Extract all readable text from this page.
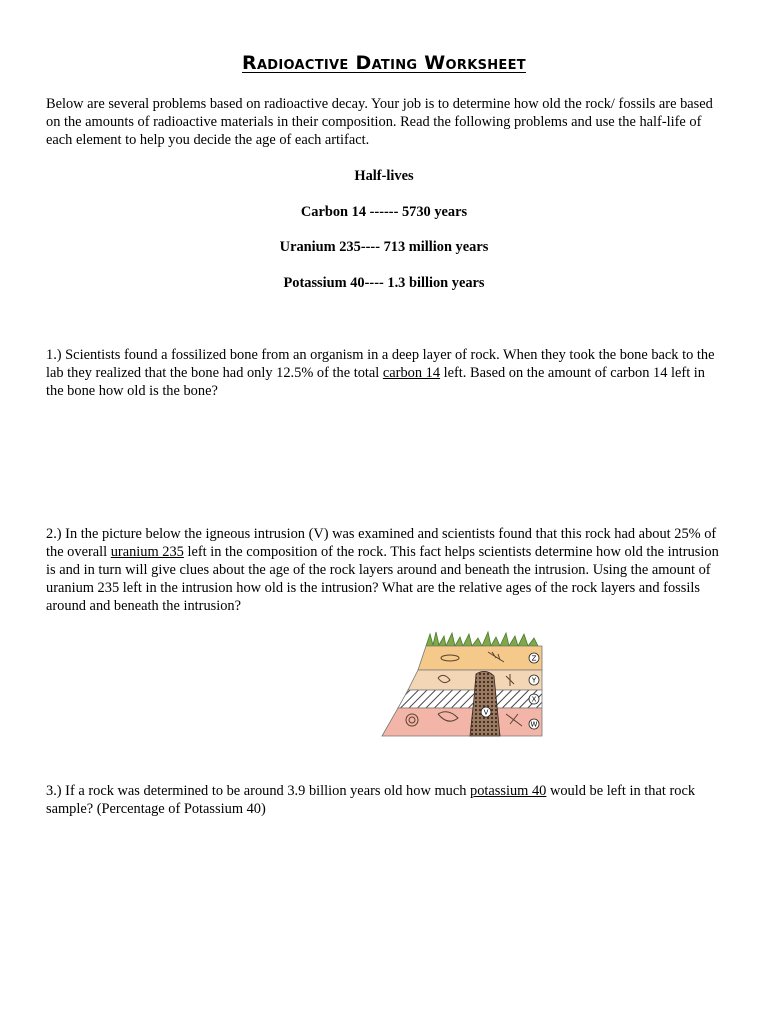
Radioactive Dating Worksheet
Below are several problems based on radioactive decay. Your job is to determine how old the rock/ fossils are based on the amounts of radioactive materials in their composition. Read the following problems and use the half-life of each element to help you decide the age of each artifact.
Half-lives
Carbon 14 ------ 5730 years
Uranium 235---- 713 million years
Potassium 40---- 1.3 billion years
1.) Scientists found a fossilized bone from an organism in a deep layer of rock. When they took the bone back to the lab they realized that the bone had only 12.5% of the total carbon 14 left. Based on the amount of carbon 14 left in the bone how old is the bone?
2.) In the picture below the igneous intrusion (V) was examined and scientists found that this rock had about 25% of the overall uranium 235 left in the composition of the rock. This fact helps scientists determine how old the intrusion is and in turn will give clues about the age of the rock layers around and beneath the intrusion. Using the amount of uranium 235 left in the intrusion how old is the intrusion? What are the relative ages of the rock layers and fossils around and beneath the intrusion?
Z
Y
X
V
W
3.) If a rock was determined to be around 3.9 billion years old how much potassium 40 would be left in that rock sample? (Percentage of Potassium 40)
